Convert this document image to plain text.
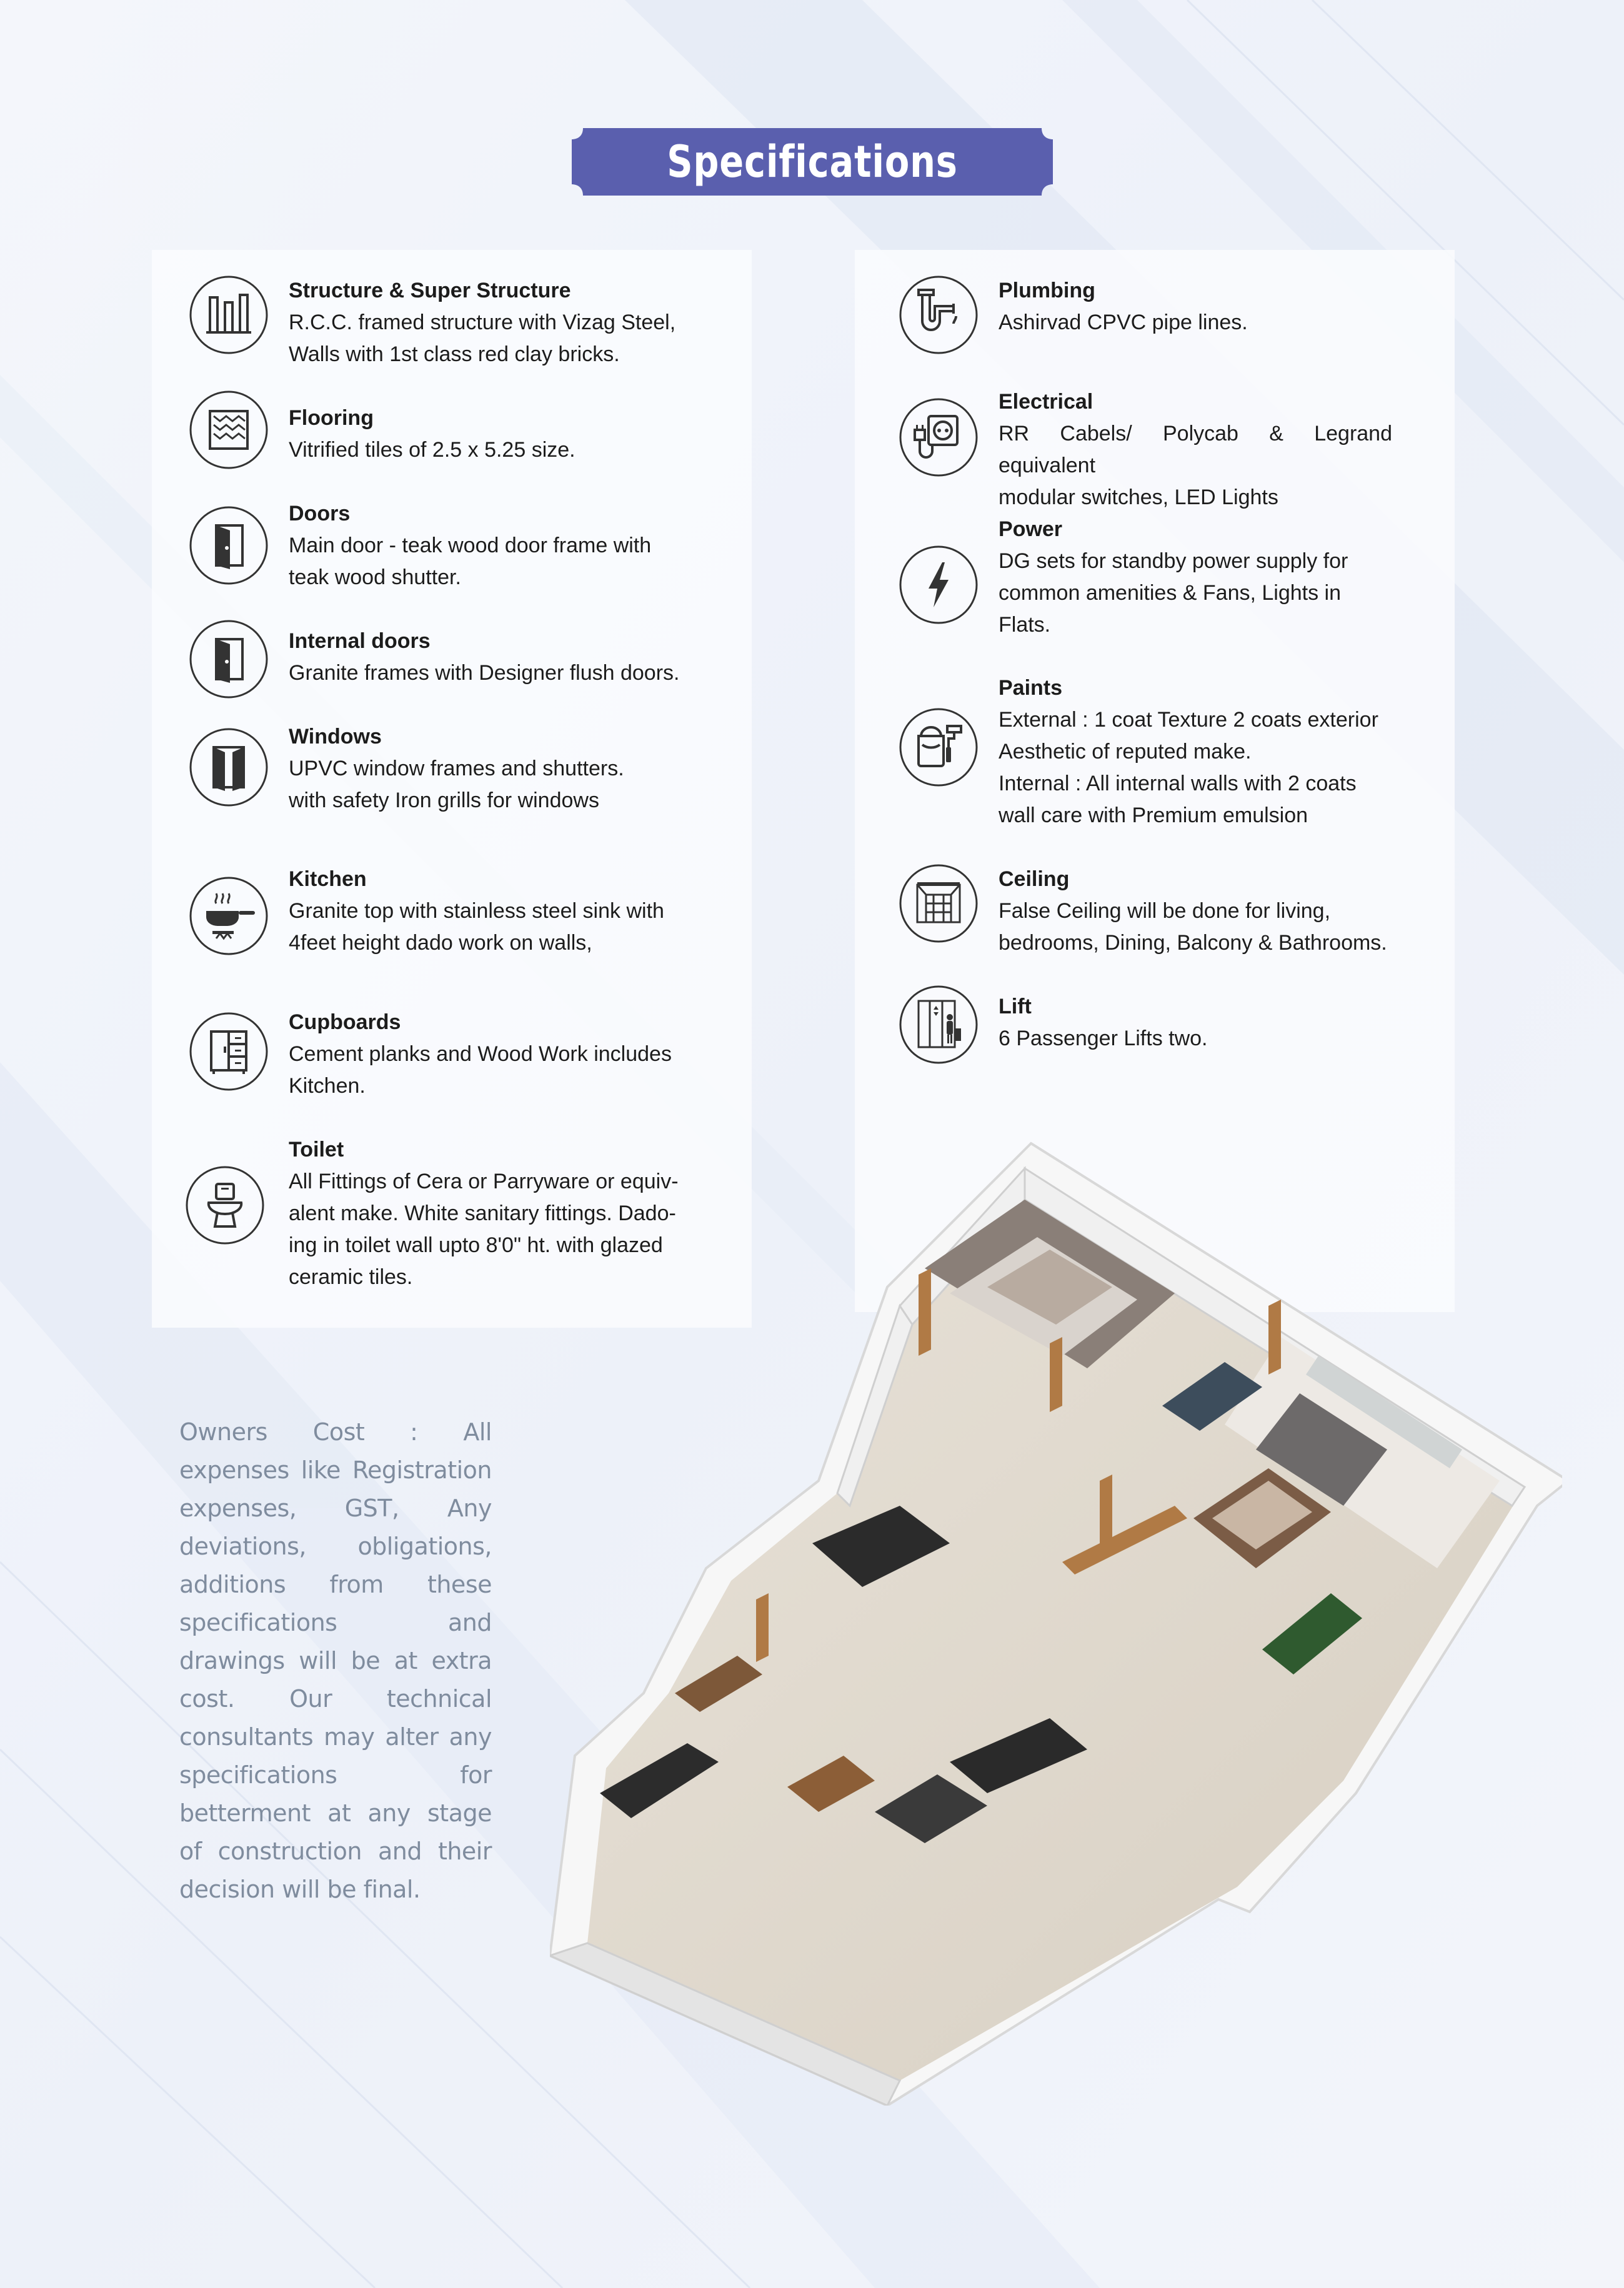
Specifications
Structure & Super Structure
R.C.C. framed structure with Vizag Steel,
Walls with 1st class red clay bricks.
Flooring
Vitrified tiles of 2.5 x 5.25 size.
Doors
Main door - teak wood door frame with
teak wood shutter.
Internal doors
Granite frames with Designer flush doors.
Windows
UPVC window frames and shutters.
with safety Iron grills for windows
Kitchen
Granite top with stainless steel sink with
4feet height dado work on walls,
Cupboards
Cement planks and Wood Work includes
Kitchen.
Toilet
All Fittings of Cera or Parryware or equiv-
alent make. White sanitary fittings. Dado-
ing in toilet wall upto 8'0" ht. with glazed
ceramic tiles.
Plumbing
Ashirvad CPVC pipe lines.
Electrical
RR Cabels/ Polycab & Legrand equivalent
modular switches, LED Lights
Power
DG sets for standby power supply for
common amenities & Fans, Lights in
Flats.
Paints
External : 1 coat Texture 2 coats exterior
Aesthetic of reputed make.
Internal : All internal walls with 2 coats
wall care with Premium emulsion
Ceiling
False Ceiling will be done for living,
bedrooms, Dining, Balcony & Bathrooms.
Lift
6 Passenger Lifts two.
Owners Cost : All expenses like Registration expenses, GST, Any deviations, obligations, additions from these specifications and drawings will be at extra cost. Our technical consultants may alter any specifications for betterment at any stage of construction and their decision will be final.
